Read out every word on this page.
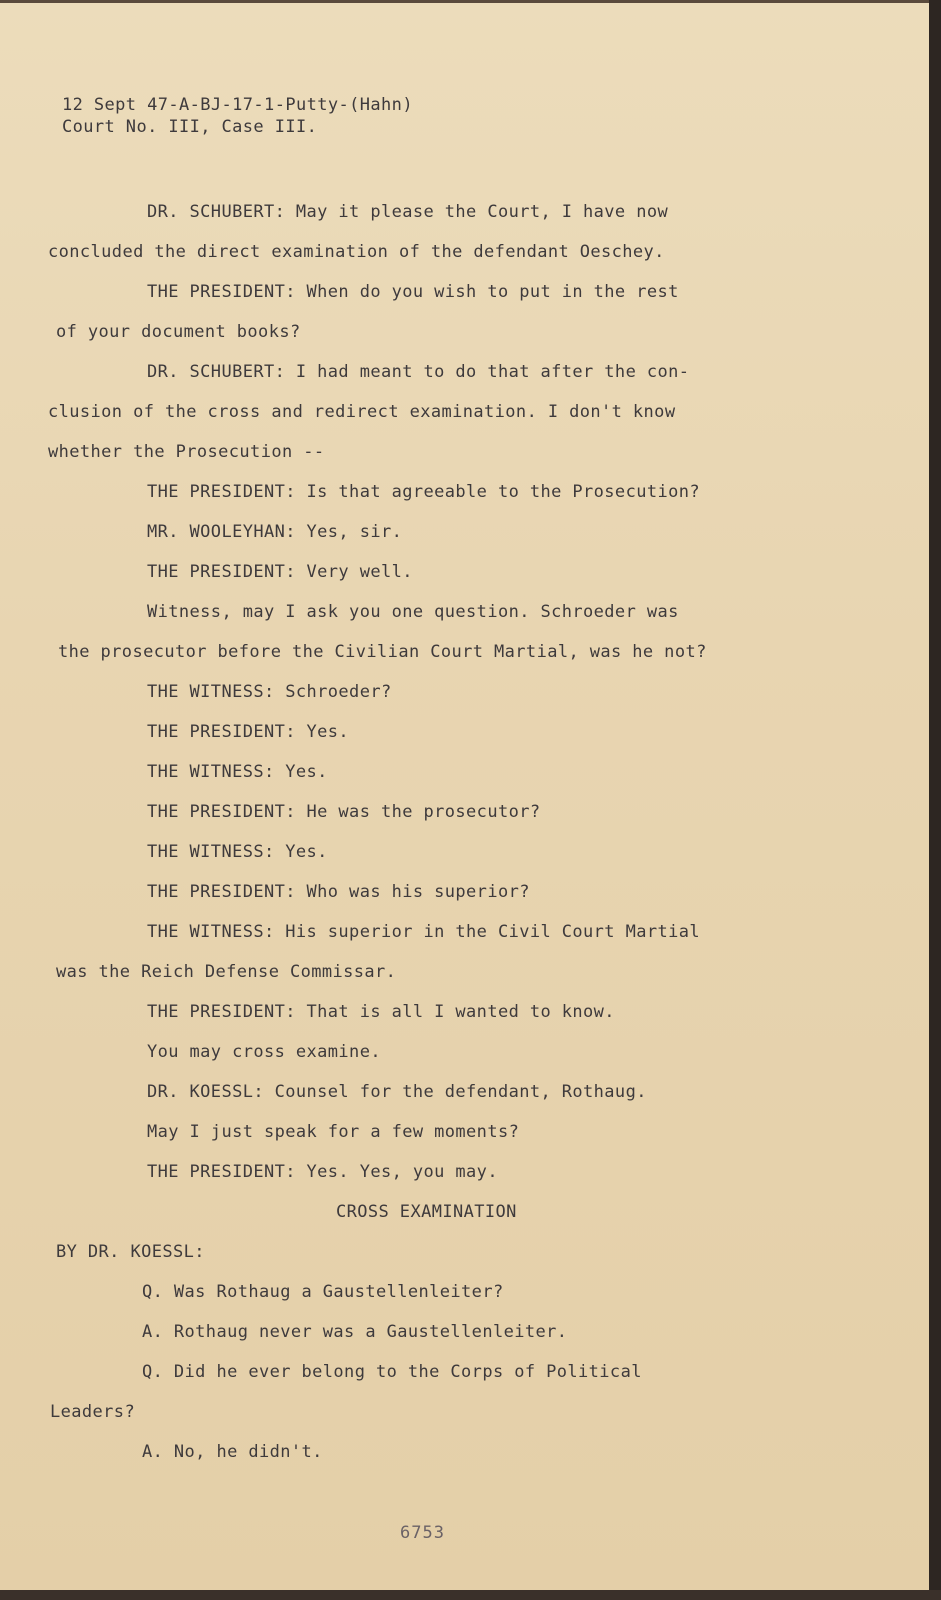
12 Sept 47-A-BJ-17-1-Putty-(Hahn)
Court No. III, Case III.
DR. SCHUBERT: May it please the Court, I have now
concluded the direct examination of the defendant Oeschey.
THE PRESIDENT: When do you wish to put in the rest
of your document books?
DR. SCHUBERT: I had meant to do that after the con-
clusion of the cross and redirect examination. I don't know
whether the Prosecution --
THE PRESIDENT: Is that agreeable to the Prosecution?
MR. WOOLEYHAN: Yes, sir.
THE PRESIDENT: Very well.
Witness, may I ask you one question. Schroeder was
the prosecutor before the Civilian Court Martial, was he not?
THE WITNESS: Schroeder?
THE PRESIDENT: Yes.
THE WITNESS: Yes.
THE PRESIDENT: He was the prosecutor?
THE WITNESS: Yes.
THE PRESIDENT: Who was his superior?
THE WITNESS: His superior in the Civil Court Martial
was the Reich Defense Commissar.
THE PRESIDENT: That is all I wanted to know.
You may cross examine.
DR. KOESSL: Counsel for the defendant, Rothaug.
May I just speak for a few moments?
THE PRESIDENT: Yes. Yes, you may.
CROSS EXAMINATION
BY DR. KOESSL:
Q. Was Rothaug a Gaustellenleiter?
A. Rothaug never was a Gaustellenleiter.
Q. Did he ever belong to the Corps of Political
Leaders?
A. No, he didn't.
6753
